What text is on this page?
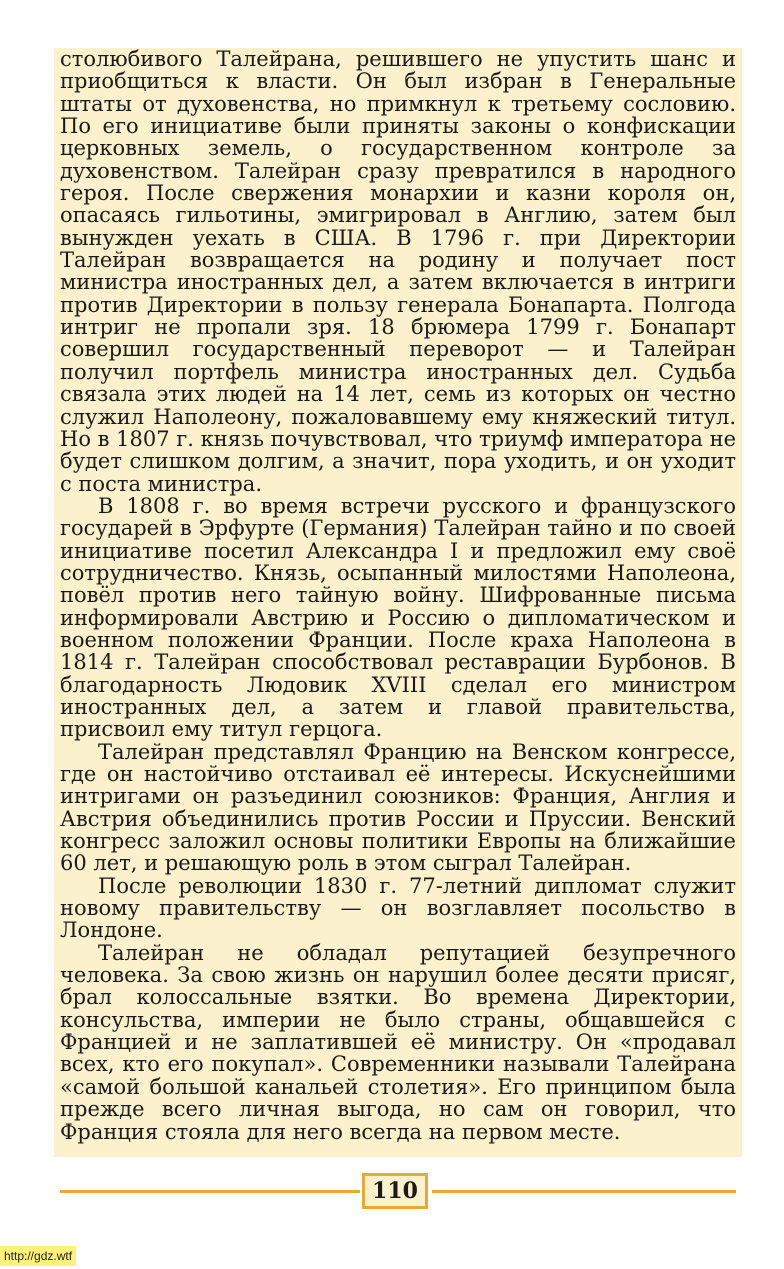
столюбивого Талейрана, решившего не упустить шанс и приобщиться к власти. Он был избран в Генеральные штаты от духовенства, но примкнул к третьему сословию. По его инициативе были приняты законы о конфискации церковных земель, о государственном контроле за духовенством. Талейран сразу превратился в народного героя. После свержения монархии и казни короля он, опасаясь гильотины, эмигрировал в Англию, затем был вынужден уехать в США. В 1796 г. при Директории Талейран возвращается на родину и получает пост министра иностранных дел, а затем включается в интриги против Директории в пользу генерала Бонапарта. Полгода интриг не пропали зря. 18 брюмера 1799 г. Бонапарт совершил государственный переворот — и Талейран получил портфель министра иностранных дел. Судьба связала этих людей на 14 лет, семь из которых он честно служил Наполеону, пожаловавшему ему княжеский титул. Но в 1807 г. князь почувствовал, что триумф императора не будет слишком долгим, а значит, пора уходить, и он уходит с поста министра.

В 1808 г. во время встречи русского и французского государей в Эрфурте (Германия) Талейран тайно и по своей инициативе посетил Александра I и предложил ему своё сотрудничество. Князь, осыпанный милостями Наполеона, повёл против него тайную войну. Шифрованные письма информировали Австрию и Россию о дипломатическом и военном положении Франции. После краха Наполеона в 1814 г. Талейран способствовал реставрации Бурбонов. В благодарность Людовик XVIII сделал его министром иностранных дел, а затем и главой правительства, присвоил ему титул герцога.

Талейран представлял Францию на Венском конгрессе, где он настойчиво отстаивал её интересы. Искуснейшими интригами он разъединил союзников: Франция, Англия и Австрия объединились против России и Пруссии. Венский конгресс заложил основы политики Европы на ближайшие 60 лет, и решающую роль в этом сыграл Талейран.

После революции 1830 г. 77-летний дипломат служит новому правительству — он возглавляет посольство в Лондоне.

Талейран не обладал репутацией безупречного человека. За свою жизнь он нарушил более десяти присяг, брал колоссальные взятки. Во времена Директории, консульства, империи не было страны, общавшейся с Францией и не заплатившей её министру. Он «продавал всех, кто его покупал». Современники называли Талейрана «самой большой канальей столетия». Его принципом была прежде всего личная выгода, но сам он говорил, что Франция стояла для него всегда на первом месте.

110
http://gdz.wtf
